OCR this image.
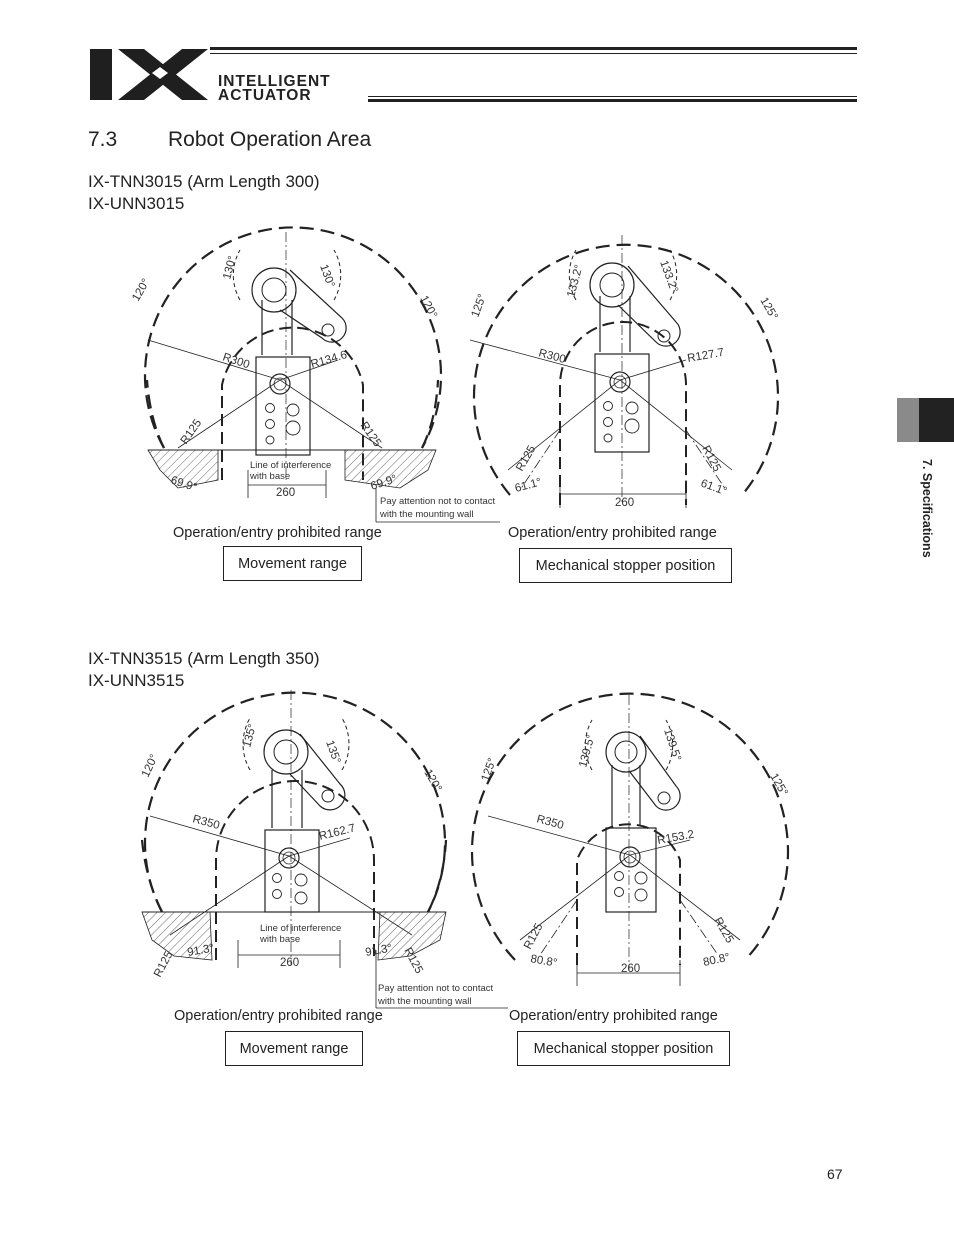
INTELLIGENT
ACTUATOR
7.3 Robot Operation Area
7. Specifications
IX-TNN3015 (Arm Length 300)
IX-UNN3015
130°	130°
120°
120°
R300	R134.6
R125	R125
69.9°	69.9°
260
Line of interference
with base
Pay attention not to contact
with the mounting wall
133.2°	133.2°
125°	125°
R300	R127.7
R125	R125
61.1°	61.1°
260
Operation/entry prohibited range	Operation/entry prohibited range
Movement range	Mechanical stopper position
IX-TNN3515 (Arm Length 350)
IX-UNN3515
135°
135°
120°
120°
R350	R162.7
R125	R125
91.3°	91.3°
260
Line of interference
with base
Pay attention not to contact
with the mounting wall
139.5°	139.5°
125°
125°
R350
R153.2
R125	R125
80.8°	80.8°
260
Operation/entry prohibited range	Operation/entry prohibited range
Movement range	Mechanical stopper position
67
